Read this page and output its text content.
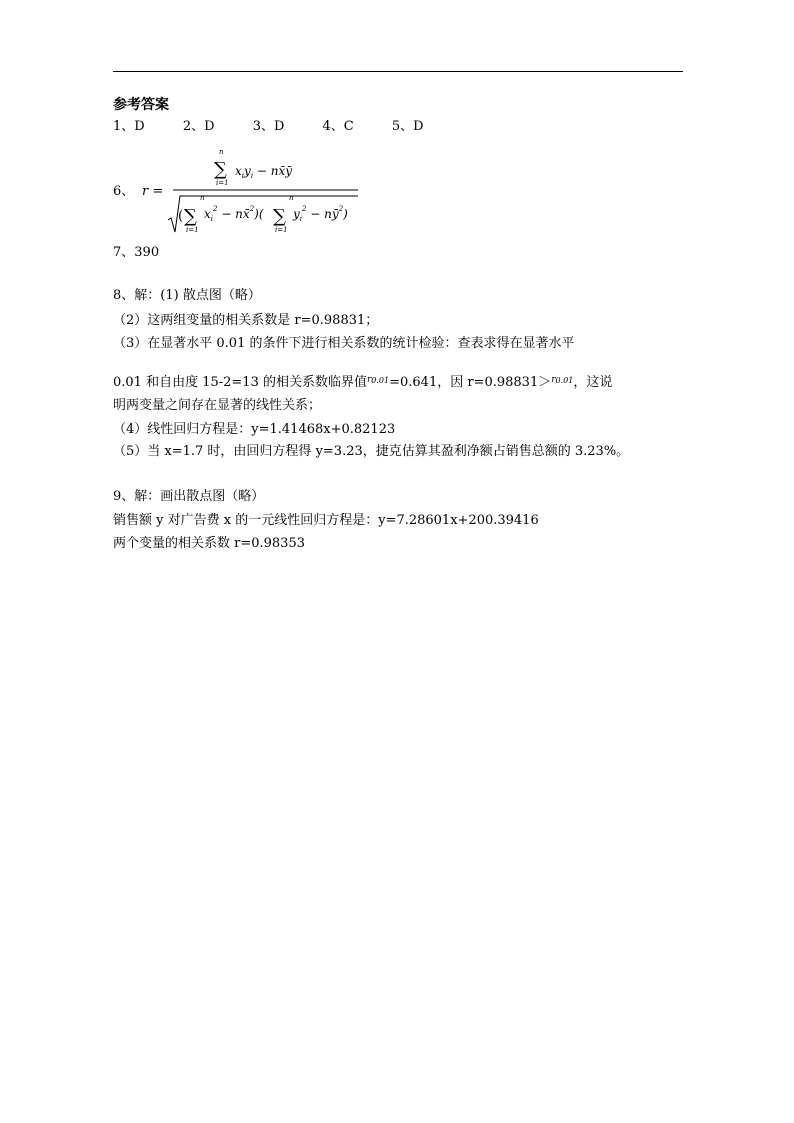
参考答案
1、D	2、D	3、D	4、C	5、D
6、 r =
n
∑
i=1
$x_iy_i$ − nx̄ȳ
n
( ∑
i=1
$x_i^2$ − nx̄$^2$)(
n
∑
i=1
$y_i^2$ − $nȳ^2$)
7、390
8、解：(1) 散点图（略）
（2）这两组变量的相关系数是 r=0.98831；
（3）在显著水平 0.01 的条件下进行相关系数的统计检验：查表求得在显著水平
0.01 和自由度 15-2=13 的相关系数临界值$^{r0.01}$=0.641，因 r=0.98831＞$^{r0.01}$，这说
明两变量之间存在显著的线性关系；
（4）线性回归方程是：y=1.41468x+0.82123
（5）当 x=1.7 时，由回归方程得 y=3.23，捷克估算其盈利净额占销售总额的 3.23%。
9、解：画出散点图（略）
销售额 y 对广告费 x 的一元线性回归方程是：y=7.28601x+200.39416
两个变量的相关系数 r=0.98353
